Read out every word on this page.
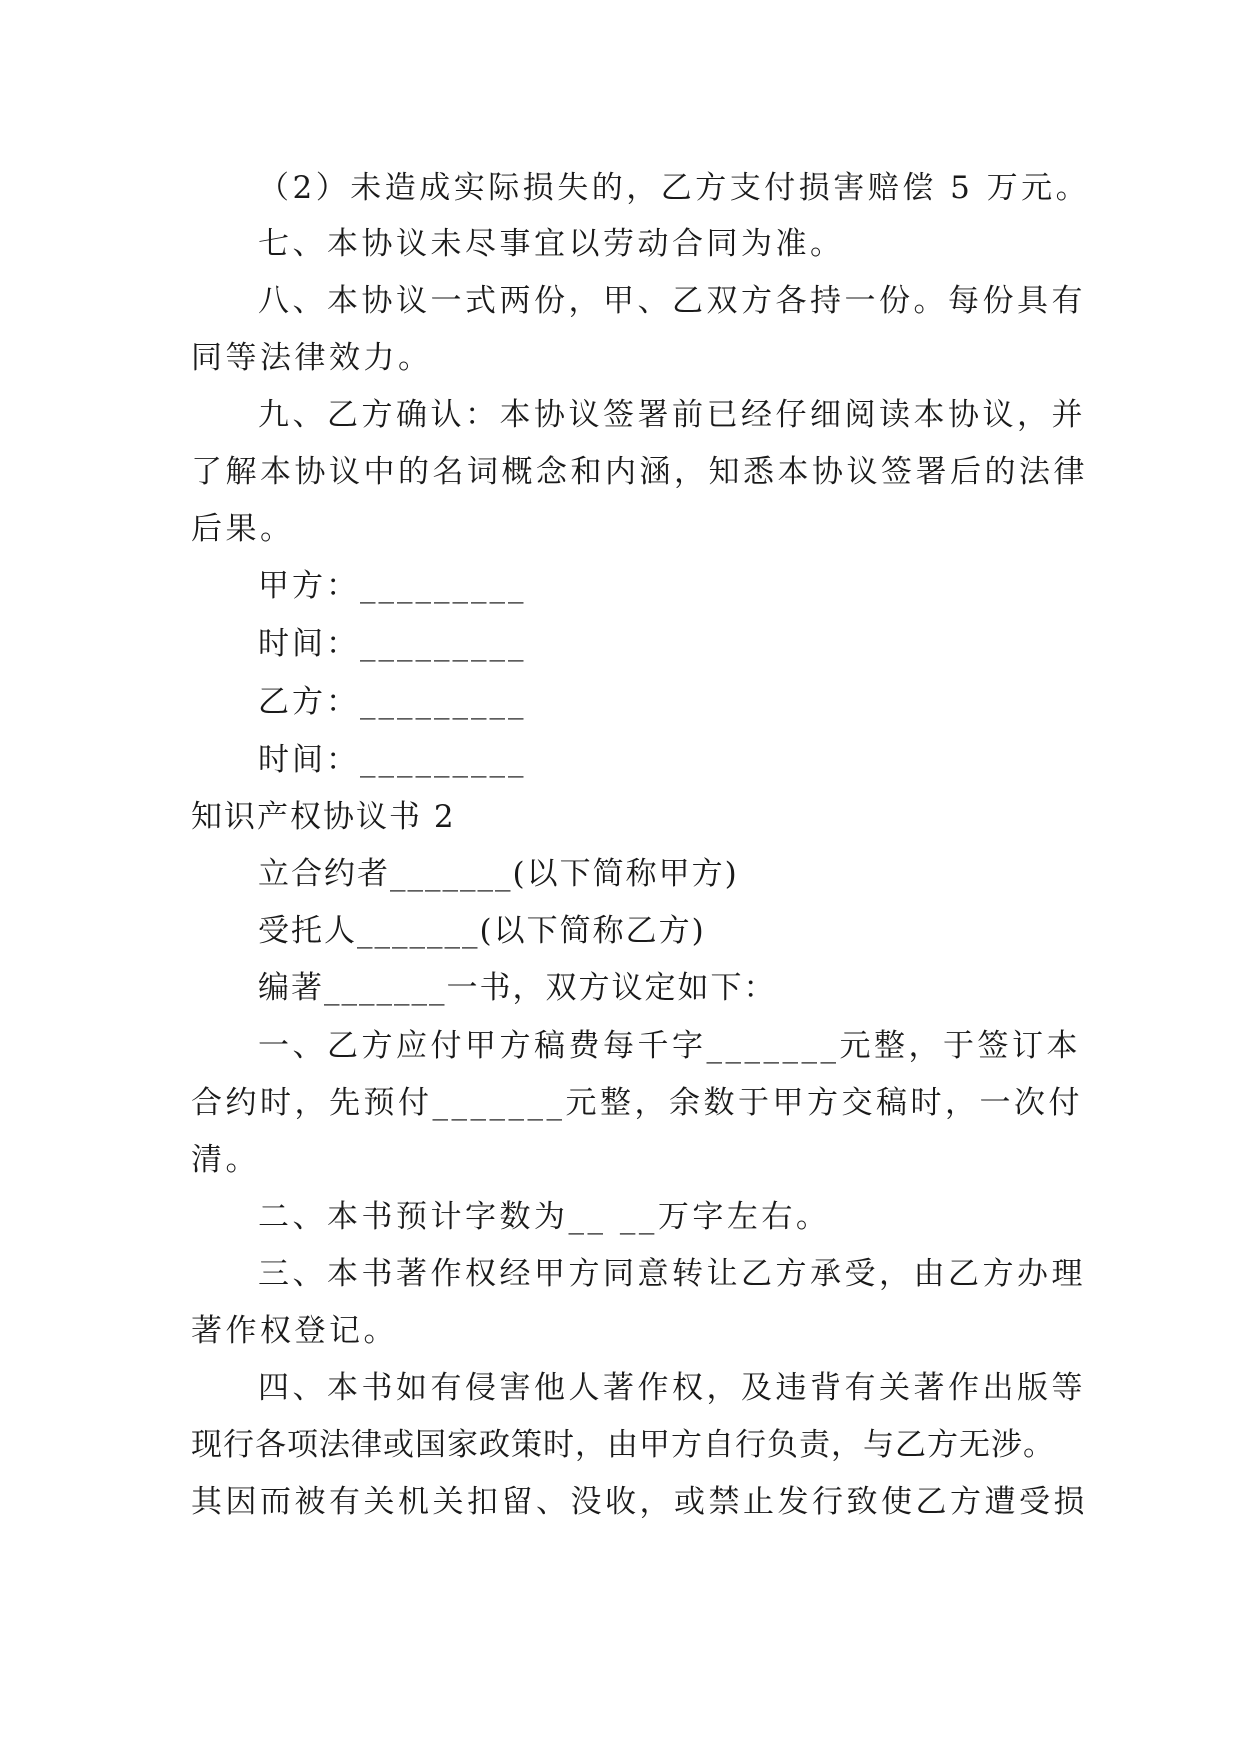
（2）未造成实际损失的，乙方支付损害赔偿 5 万元。

七、本协议未尽事宜以劳动合同为准。

八、本协议一式两份，甲、乙双方各持一份。每份具有

同等法律效力。

九、乙方确认：本协议签署前已经仔细阅读本协议，并

了解本协议中的名词概念和内涵，知悉本协议签署后的法律

后果。

甲方：_________

时间：_________

乙方：_________

时间：_________

知识产权协议书 2

立合约者_______(以下简称甲方)

受托人_______(以下简称乙方)

编著_______一书，双方议定如下：

一、乙方应付甲方稿费每千字_______元整，于签订本

合约时，先预付_______元整，余数于甲方交稿时，一次付

清。

二、本书预计字数为__ __万字左右。

三、本书著作权经甲方同意转让乙方承受，由乙方办理

著作权登记。

四、本书如有侵害他人著作权，及违背有关著作出版等

现行各项法律或国家政策时，由甲方自行负责，与乙方无涉。

其因而被有关机关扣留、没收，或禁止发行致使乙方遭受损
